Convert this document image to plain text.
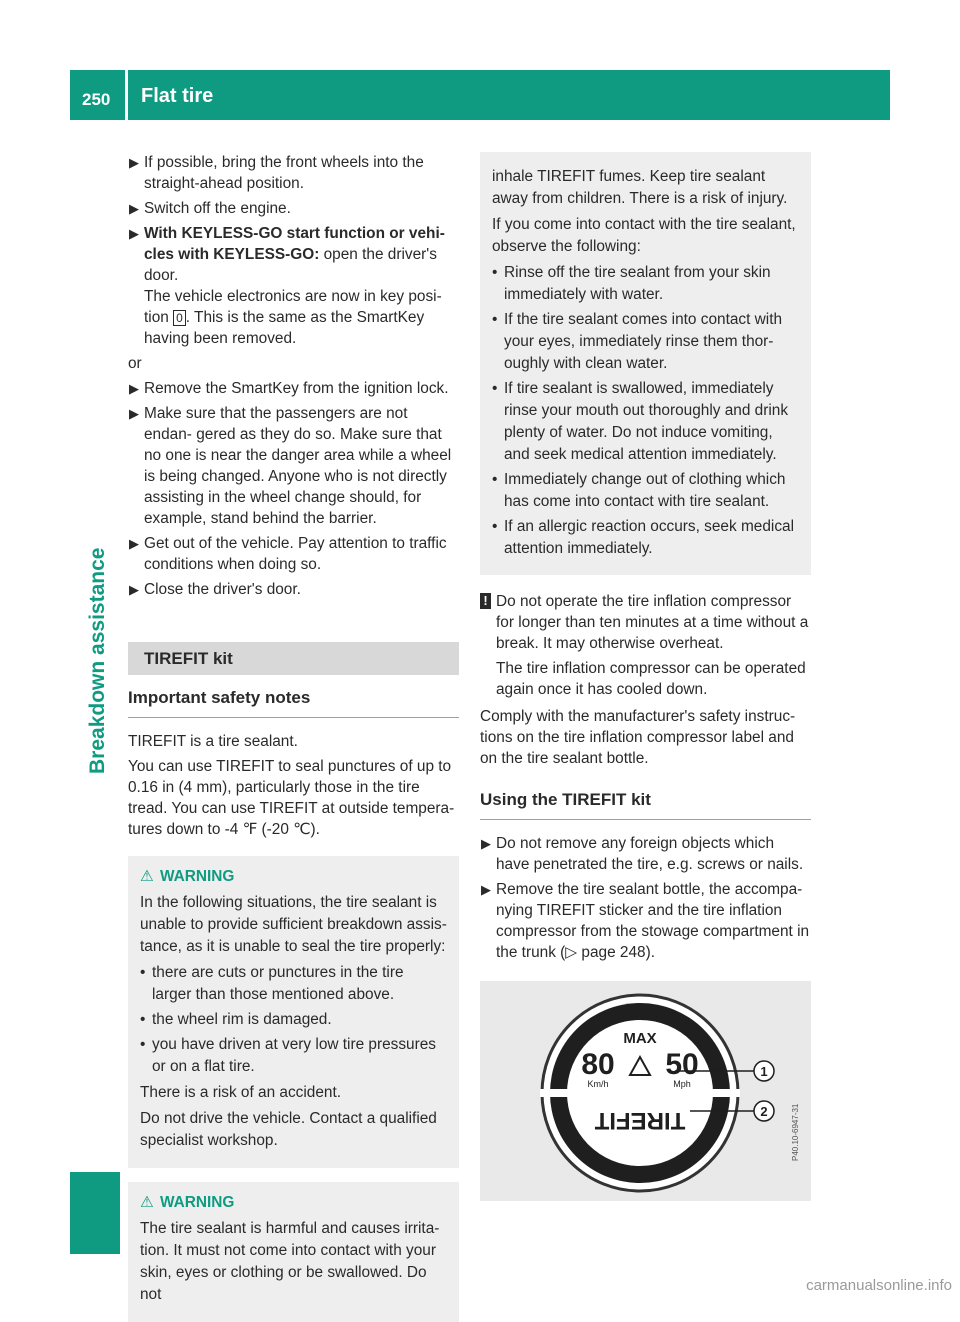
250 Flat tire
Breakdown assistance
▶ If possible, bring the front wheels into the straight-ahead position.
▶ Switch off the engine.
▶ With KEYLESS-GO start function or vehi- cles with KEYLESS-GO: open the driver's door.
The vehicle electronics are now in key posi- tion 0 . This is the same as the SmartKey having been removed.

or

▶ Remove the SmartKey from the ignition lock.
▶ Make sure that the passengers are not endan- gered as they do so. Make sure that no one is near the danger area while a wheel is being changed. Anyone who is not directly assisting in the wheel change should, for example, stand behind the barrier.
▶ Get out of the vehicle. Pay attention to traffic conditions when doing so.
▶ Close the driver's door.
TIREFIT kit
Important safety notes

TIREFIT is a tire sealant.

You can use TIREFIT to seal punctures of up to 0.16 in (4 mm), particularly those in the tire tread. You can use TIREFIT at outside tempera- tures down to -4 ℉ (-20 ℃).

⚠ WARNING

In the following situations, the tire sealant is unable to provide sufficient breakdown assis- tance, as it is unable to seal the tire properly:

• there are cuts or punctures in the tire larger than those mentioned above.
• the wheel rim is damaged.
• you have driven at very low tire pressures or on a flat tire.

There is a risk of an accident.

Do not drive the vehicle. Contact a qualified specialist workshop.

⚠ WARNING

The tire sealant is harmful and causes irrita- tion. It must not come into contact with your skin, eyes or clothing or be swallowed. Do not

inhale TIREFIT fumes. Keep tire sealant away from children. There is a risk of injury.

If you come into contact with the tire sealant, observe the following:

• Rinse off the tire sealant from your skin immediately with water.
• If the tire sealant comes into contact with your eyes, immediately rinse them thor- oughly with clean water.
• If tire sealant is swallowed, immediately rinse your mouth out thoroughly and drink plenty of water. Do not induce vomiting, and seek medical attention immediately.
• Immediately change out of clothing which has come into contact with tire sealant.
• If an allergic reaction occurs, seek medical attention immediately.
! Do not operate the tire inflation compressor for longer than ten minutes at a time without a break. It may otherwise overheat.

The tire inflation compressor can be operated again once it has cooled down.

Comply with the manufacturer's safety instruc- tions on the tire inflation compressor label and on the tire sealant bottle.

Using the TIREFIT kit
▶ Do not remove any foreign objects which have penetrated the tire, e.g. screws or nails.
▶ Remove the tire sealant bottle, the accompa- nying TIREFIT sticker and the tire inflation compressor from the stowage compartment in the trunk (▷ page 248).
MAX
80 50
Km/h	Mph
TIREFIT
1
2	P40.10-6947-31
carmanualsonline.info
